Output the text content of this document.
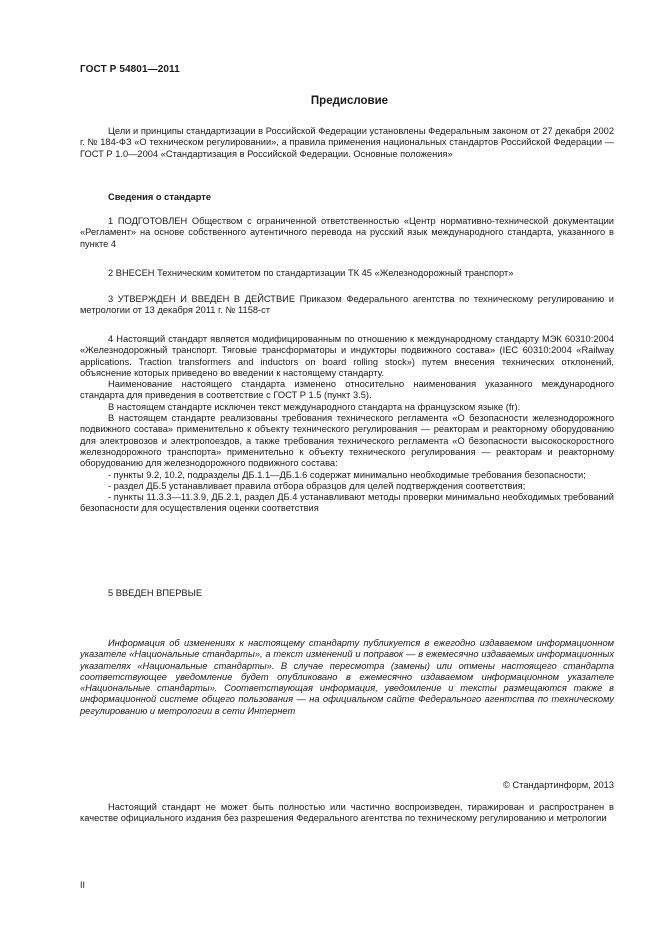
ГОСТ Р 54801—2011
Предисловие

Цели и принципы стандартизации в Российской Федерации установлены Федеральным законом от 27 декабря 2002 г. № 184-ФЗ «О техническом регулировании», а правила применения национальных стандартов Российской Федерации — ГОСТ Р 1.0—2004 «Стандартизация в Российской Федерации. Основные положения»

Сведения о стандарте

1 ПОДГОТОВЛЕН Обществом с ограниченной ответственностью «Центр нормативно-технической документации «Регламент» на основе собственного аутентичного перевода на русский язык международного стандарта, указанного в пункте 4

2 ВНЕСЕН Техническим комитетом по стандартизации ТК 45 «Железнодорожный транспорт»

3 УТВЕРЖДЕН И ВВЕДЕН В ДЕЙСТВИЕ Приказом Федерального агентства по техническому регулированию и метрологии от 13 декабря 2011 г. № 1158-ст

4 Настоящий стандарт является модифицированным по отношению к международному стандарту МЭК 60310:2004 «Железнодорожный транспорт. Тяговые трансформаторы и индукторы подвижного состава» (IEC 60310:2004 «Railway applications. Traction transformers and inductors on board rolling stock») путем внесения технических отклонений, объяснение которых приведено во введении к настоящему стандарту.

Наименование настоящего стандарта изменено относительно наименования указанного международного стандарта для приведения в соответствие с ГОСТ Р 1.5 (пункт 3.5).

В настоящем стандарте исключен текст международного стандарта на французском языке (fr).

В настоящем стандарте реализованы требования технического регламента «О безопасности железнодорожного подвижного состава» применительно к объекту технического регулирования — реакторам и реакторному оборудованию для электровозов и электропоездов, а также требования технического регламента «О безопасности высокоскоростного железнодорожного транспорта» применительно к объекту технического регулирования — реакторам и реакторному оборудованию для железнодорожного подвижного состава:

- пункты 9.2, 10.2, подразделы ДБ.1.1—ДБ.1.6 содержат минимально необходимые требования безопасности;

- раздел ДБ.5 устанавливает правила отбора образцов для целей подтверждения соответствия;

- пункты 11.3.3—11.3.9, ДБ.2.1, раздел ДБ.4 устанавливают методы проверки минимально необходимых требований безопасности для осуществления оценки соответствия

5 ВВЕДЕН ВПЕРВЫЕ

Информация об изменениях к настоящему стандарту публикуется в ежегодно издаваемом информационном указателе «Национальные стандарты», а текст изменений и поправок — в ежемесячно издаваемых информационных указателях «Национальные стандарты». В случае пересмотра (замены) или отмены настоящего стандарта соответствующее уведомление будет опубликовано в ежемесячно издаваемом информационном указателе «Национальные стандарты». Соответствующая информация, уведомление и тексты размещаются также в информационной системе общего пользования — на официальном сайте Федерального агентства по техническому регулированию и метрологии в сети Интернет

© Стандартинформ, 2013

Настоящий стандарт не может быть полностью или частично воспроизведен, тиражирован и распространен в качестве официального издания без разрешения Федерального агентства по техническому регулированию и метрологии

II
